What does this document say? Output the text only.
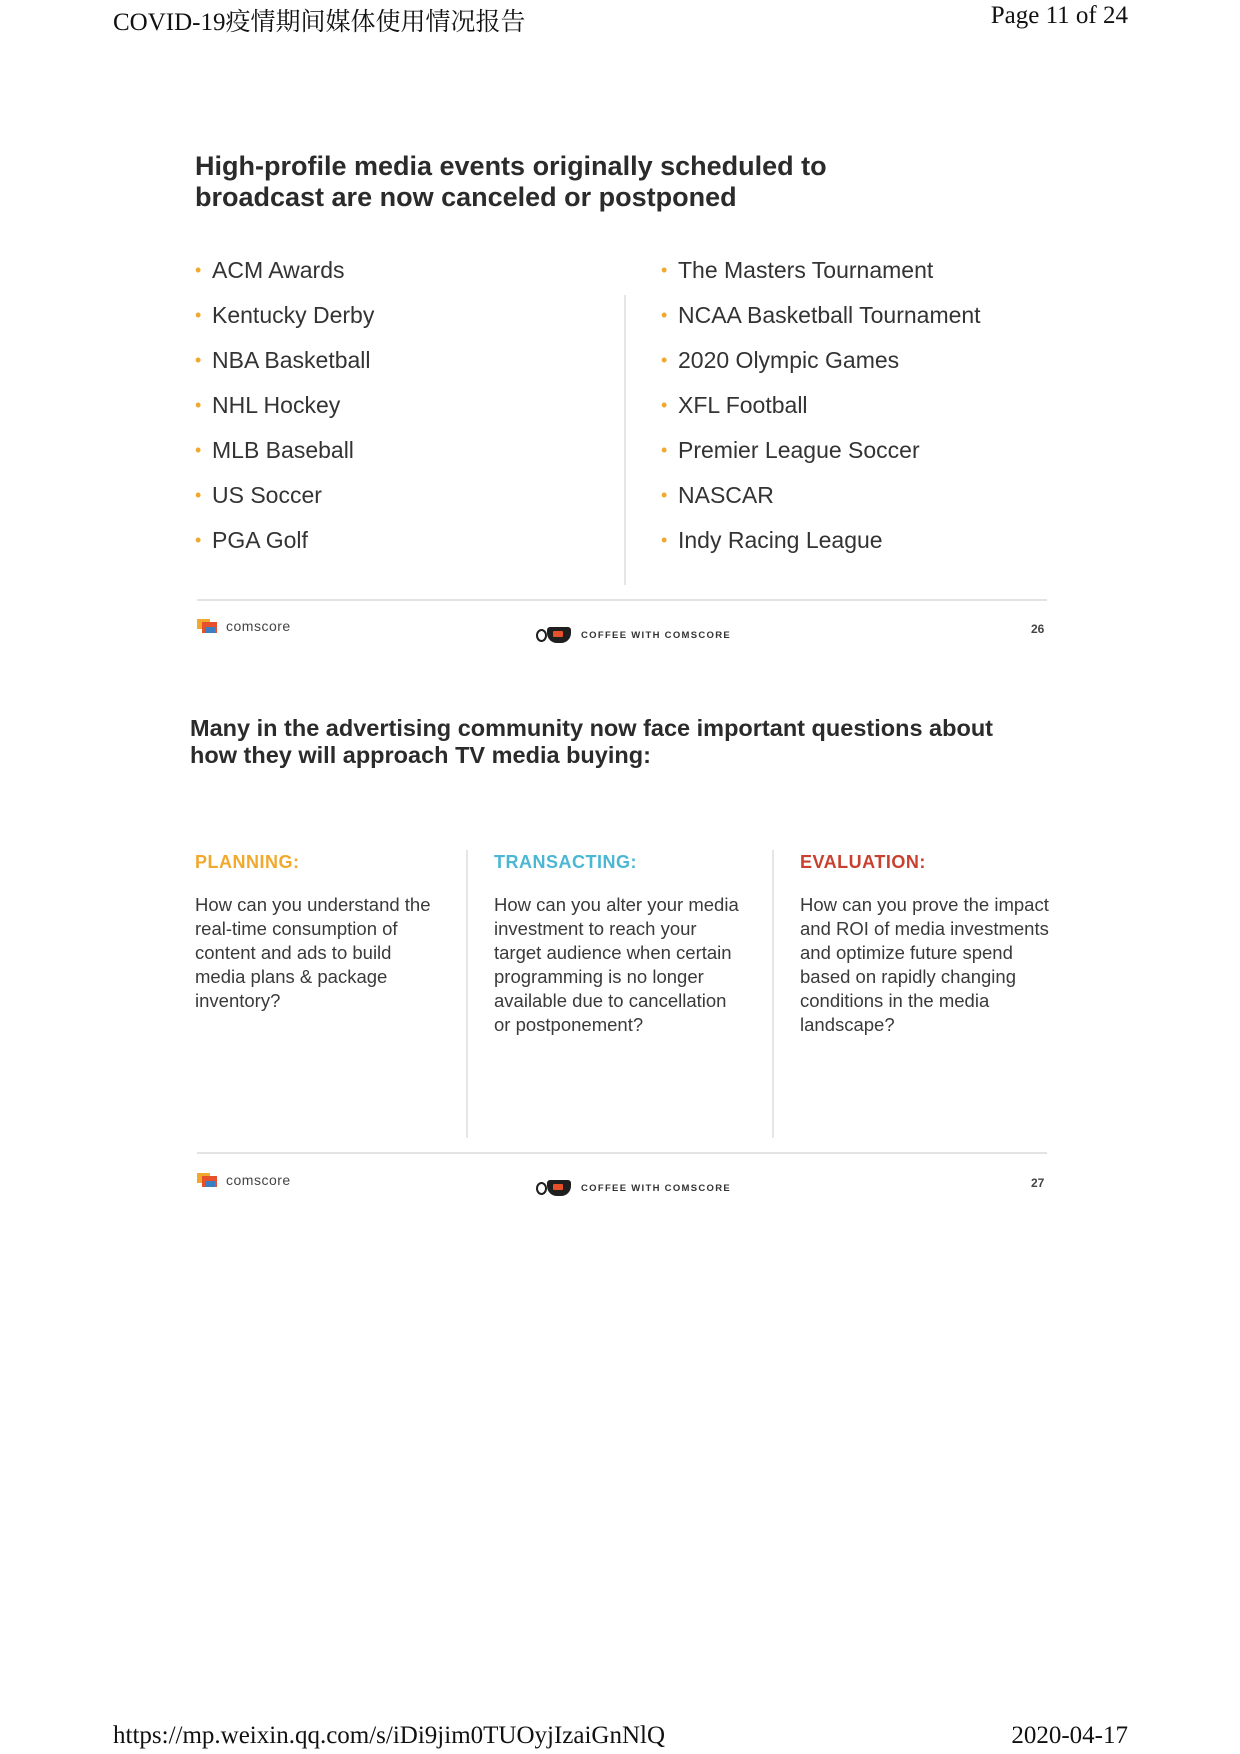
COVID-19疫情期间媒体使用情况报告	Page 11 of 24
High-profile media events originally scheduled to
broadcast are now canceled or postponed
• ACM Awards
• Kentucky Derby
• NBA Basketball
• NHL Hockey
• MLB Baseball
• US Soccer
• PGA Golf
• The Masters Tournament
• NCAA Basketball Tournament
• 2020 Olympic Games
• XFL Football
• Premier League Soccer
• NASCAR
• Indy Racing League
comscore
COFFEE WITH COMSCORE	26
Many in the advertising community now face important questions about
how they will approach TV media buying:
PLANNING:
How can you understand the real-time consumption of content and ads to build media plans & package inventory?
TRANSACTING:
How can you alter your media investment to reach your target audience when certain programming is no longer available due to cancellation or postponement?
EVALUATION:
How can you prove the impact and ROI of media investments and optimize future spend based on rapidly changing conditions in the media landscape?
comscore	COFFEE WITH COMSCORE	27
https://mp.weixin.qq.com/s/iDi9jim0TUOyjIzaiGnNlQ	2020-04-17
